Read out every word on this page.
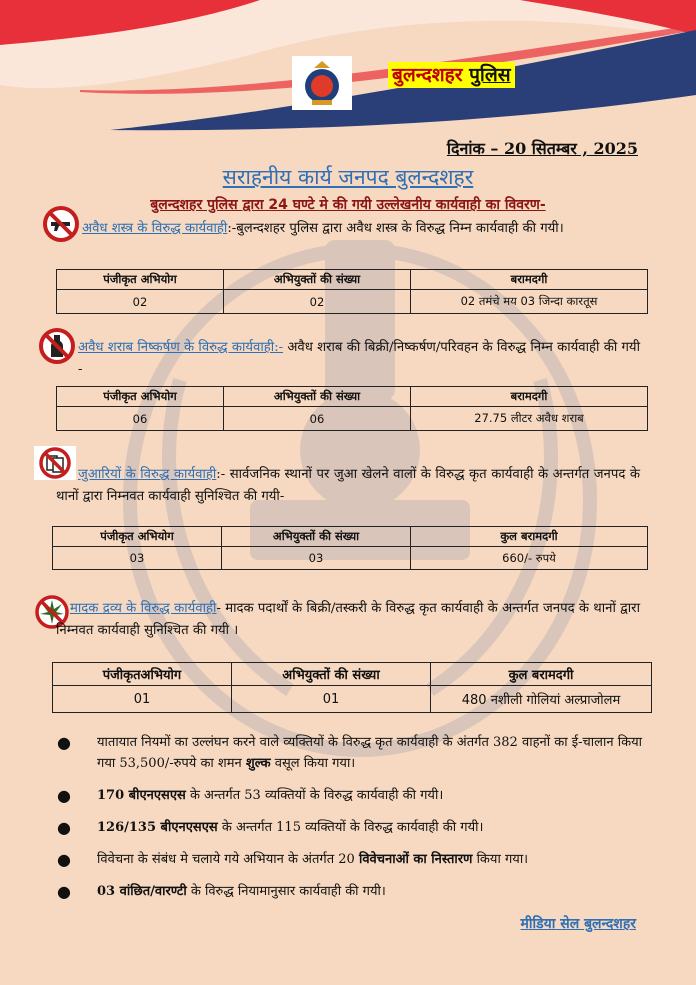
बुलन्दशहर पुलिस
दिनांक – 20 सितम्बर , 2025
सराहनीय कार्य जनपद बुलन्दशहर
बुलन्दशहर पुलिस द्वारा 24 घण्टे मे की गयी उल्लेखनीय कार्यवाही का विवरण-
अवैध शस्त्र के विरुद्ध कार्यवाही:-बुलन्दशहर पुलिस द्वारा अवैध शस्त्र के विरुद्ध निम्न कार्यवाही की गयी।
पंजीकृत अभियोग	अभियुक्तों की संख्या	बरामदगी
02	02	02 तमंचे मय 03 जिन्दा कारतूस
अवैध शराब निष्कर्षण के विरुद्ध कार्यवाही:- अवैध शराब की बिक्री/निष्कर्षण/परिवहन के विरुद्ध निम्न कार्यवाही की गयी -
पंजीकृत अभियोग	अभियुक्तों की संख्या	बरामदगी
06	06	27.75 लीटर अवैध शराब
जुआरियों के विरुद्ध कार्यवाही:- सार्वजनिक स्थानों पर जुआ खेलने वालों के विरुद्ध कृत कार्यवाही के अन्तर्गत जनपद के थानों द्वारा निम्नवत कार्यवाही सुनिश्चित की गयी-
पंजीकृत अभियोग	अभियुक्तों की संख्या	कुल बरामदगी
03	03	660/- रुपये
मादक द्रव्य के विरुद्ध कार्यवाही- मादक पदार्थों के बिक्री/तस्करी के विरुद्ध कृत कार्यवाही के अन्तर्गत जनपद के थानों द्वारा निम्नवत कार्यवाही सुनिश्चित की गयी ।
पंजीकृतअभियोग	अभियुक्तों की संख्या	कुल बरामदगी
01	01	480 नशीली गोलियां अल्प्राजोलम
● यातायात नियमों का उल्लंघन करने वाले व्यक्तियों के विरुद्ध कृत कार्यवाही के अंतर्गत 382 वाहनों का ई-चालान किया गया 53,500/-रुपये का शमन शुल्क वसूल किया गया।
● 170 बीएनएसएस के अन्तर्गत 53 व्यक्तियों के विरुद्ध कार्यवाही की गयी।
● 126/135 बीएनएसएस के अन्तर्गत 115 व्यक्तियों के विरुद्ध कार्यवाही की गयी।
● विवेचना के संबंध मे चलाये गये अभियान के अंतर्गत 20 विवेचनाओं का निस्तारण किया गया।
● 03 वांछित/वारण्टी के विरुद्ध नियामानुसार कार्यवाही की गयी।
मीडिया सेल बुलन्दशहर
